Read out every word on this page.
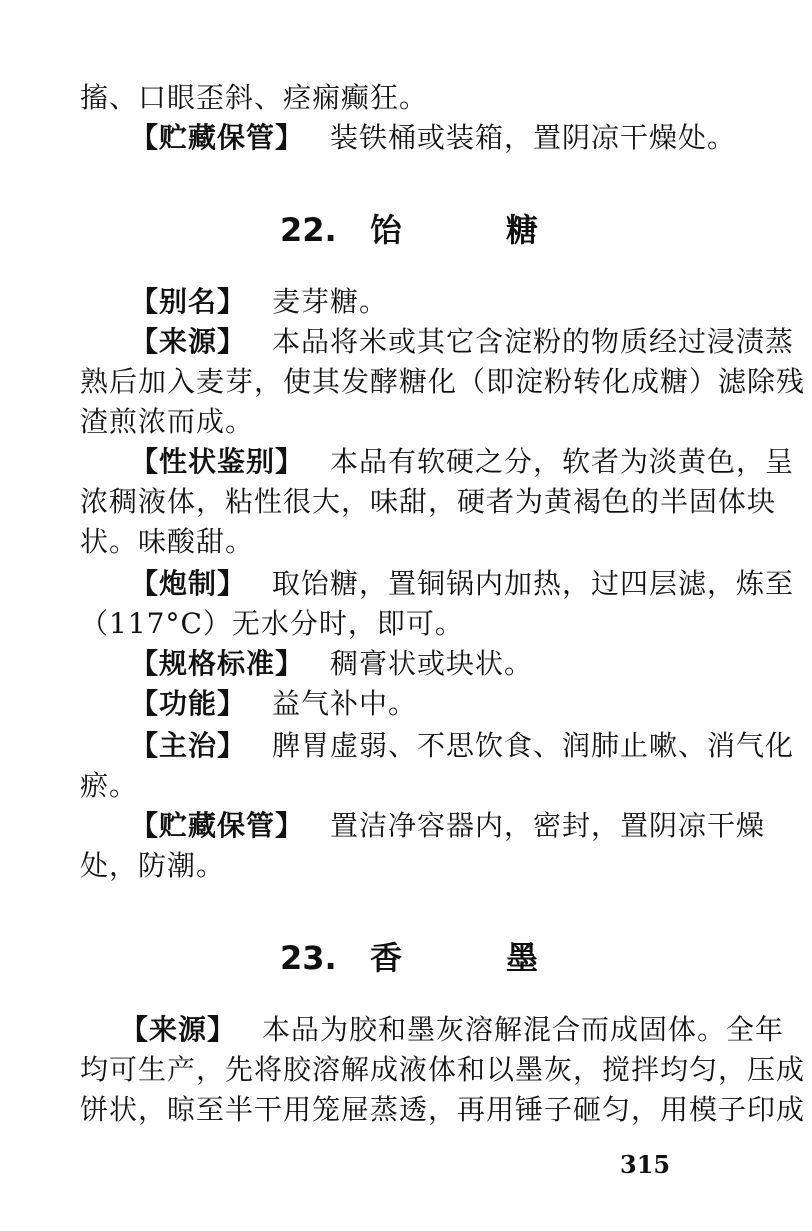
搐、口眼歪斜、痉痫癫狂。
【贮藏保管】 装铁桶或装箱，置阴凉干燥处。
22. 饴	糖
【别名】 麦芽糖。
【来源】 本品将米或其它含淀粉的物质经过浸渍蒸
熟后加入麦芽，使其发酵糖化（即淀粉转化成糖）滤除残
渣煎浓而成。
【性状鉴别】 本品有软硬之分，软者为淡黄色，呈
浓稠液体，粘性很大，味甜，硬者为黄褐色的半固体块
状。味酸甜。
【炮制】 取饴糖，置铜锅内加热，过四层滤，炼至
（117°C）无水分时，即可。
【规格标准】 稠膏状或块状。
【功能】 益气补中。
【主治】 脾胃虚弱、不思饮食、润肺止嗽、消气化
瘀。
【贮藏保管】 置洁净容器内，密封，置阴凉干燥
处，防潮。
23. 香	墨
【来源】 本品为胶和墨灰溶解混合而成固体。全年
均可生产，先将胶溶解成液体和以墨灰，搅拌均匀，压成
饼状，晾至半干用笼屉蒸透，再用锤子砸匀，用模子印成
315
